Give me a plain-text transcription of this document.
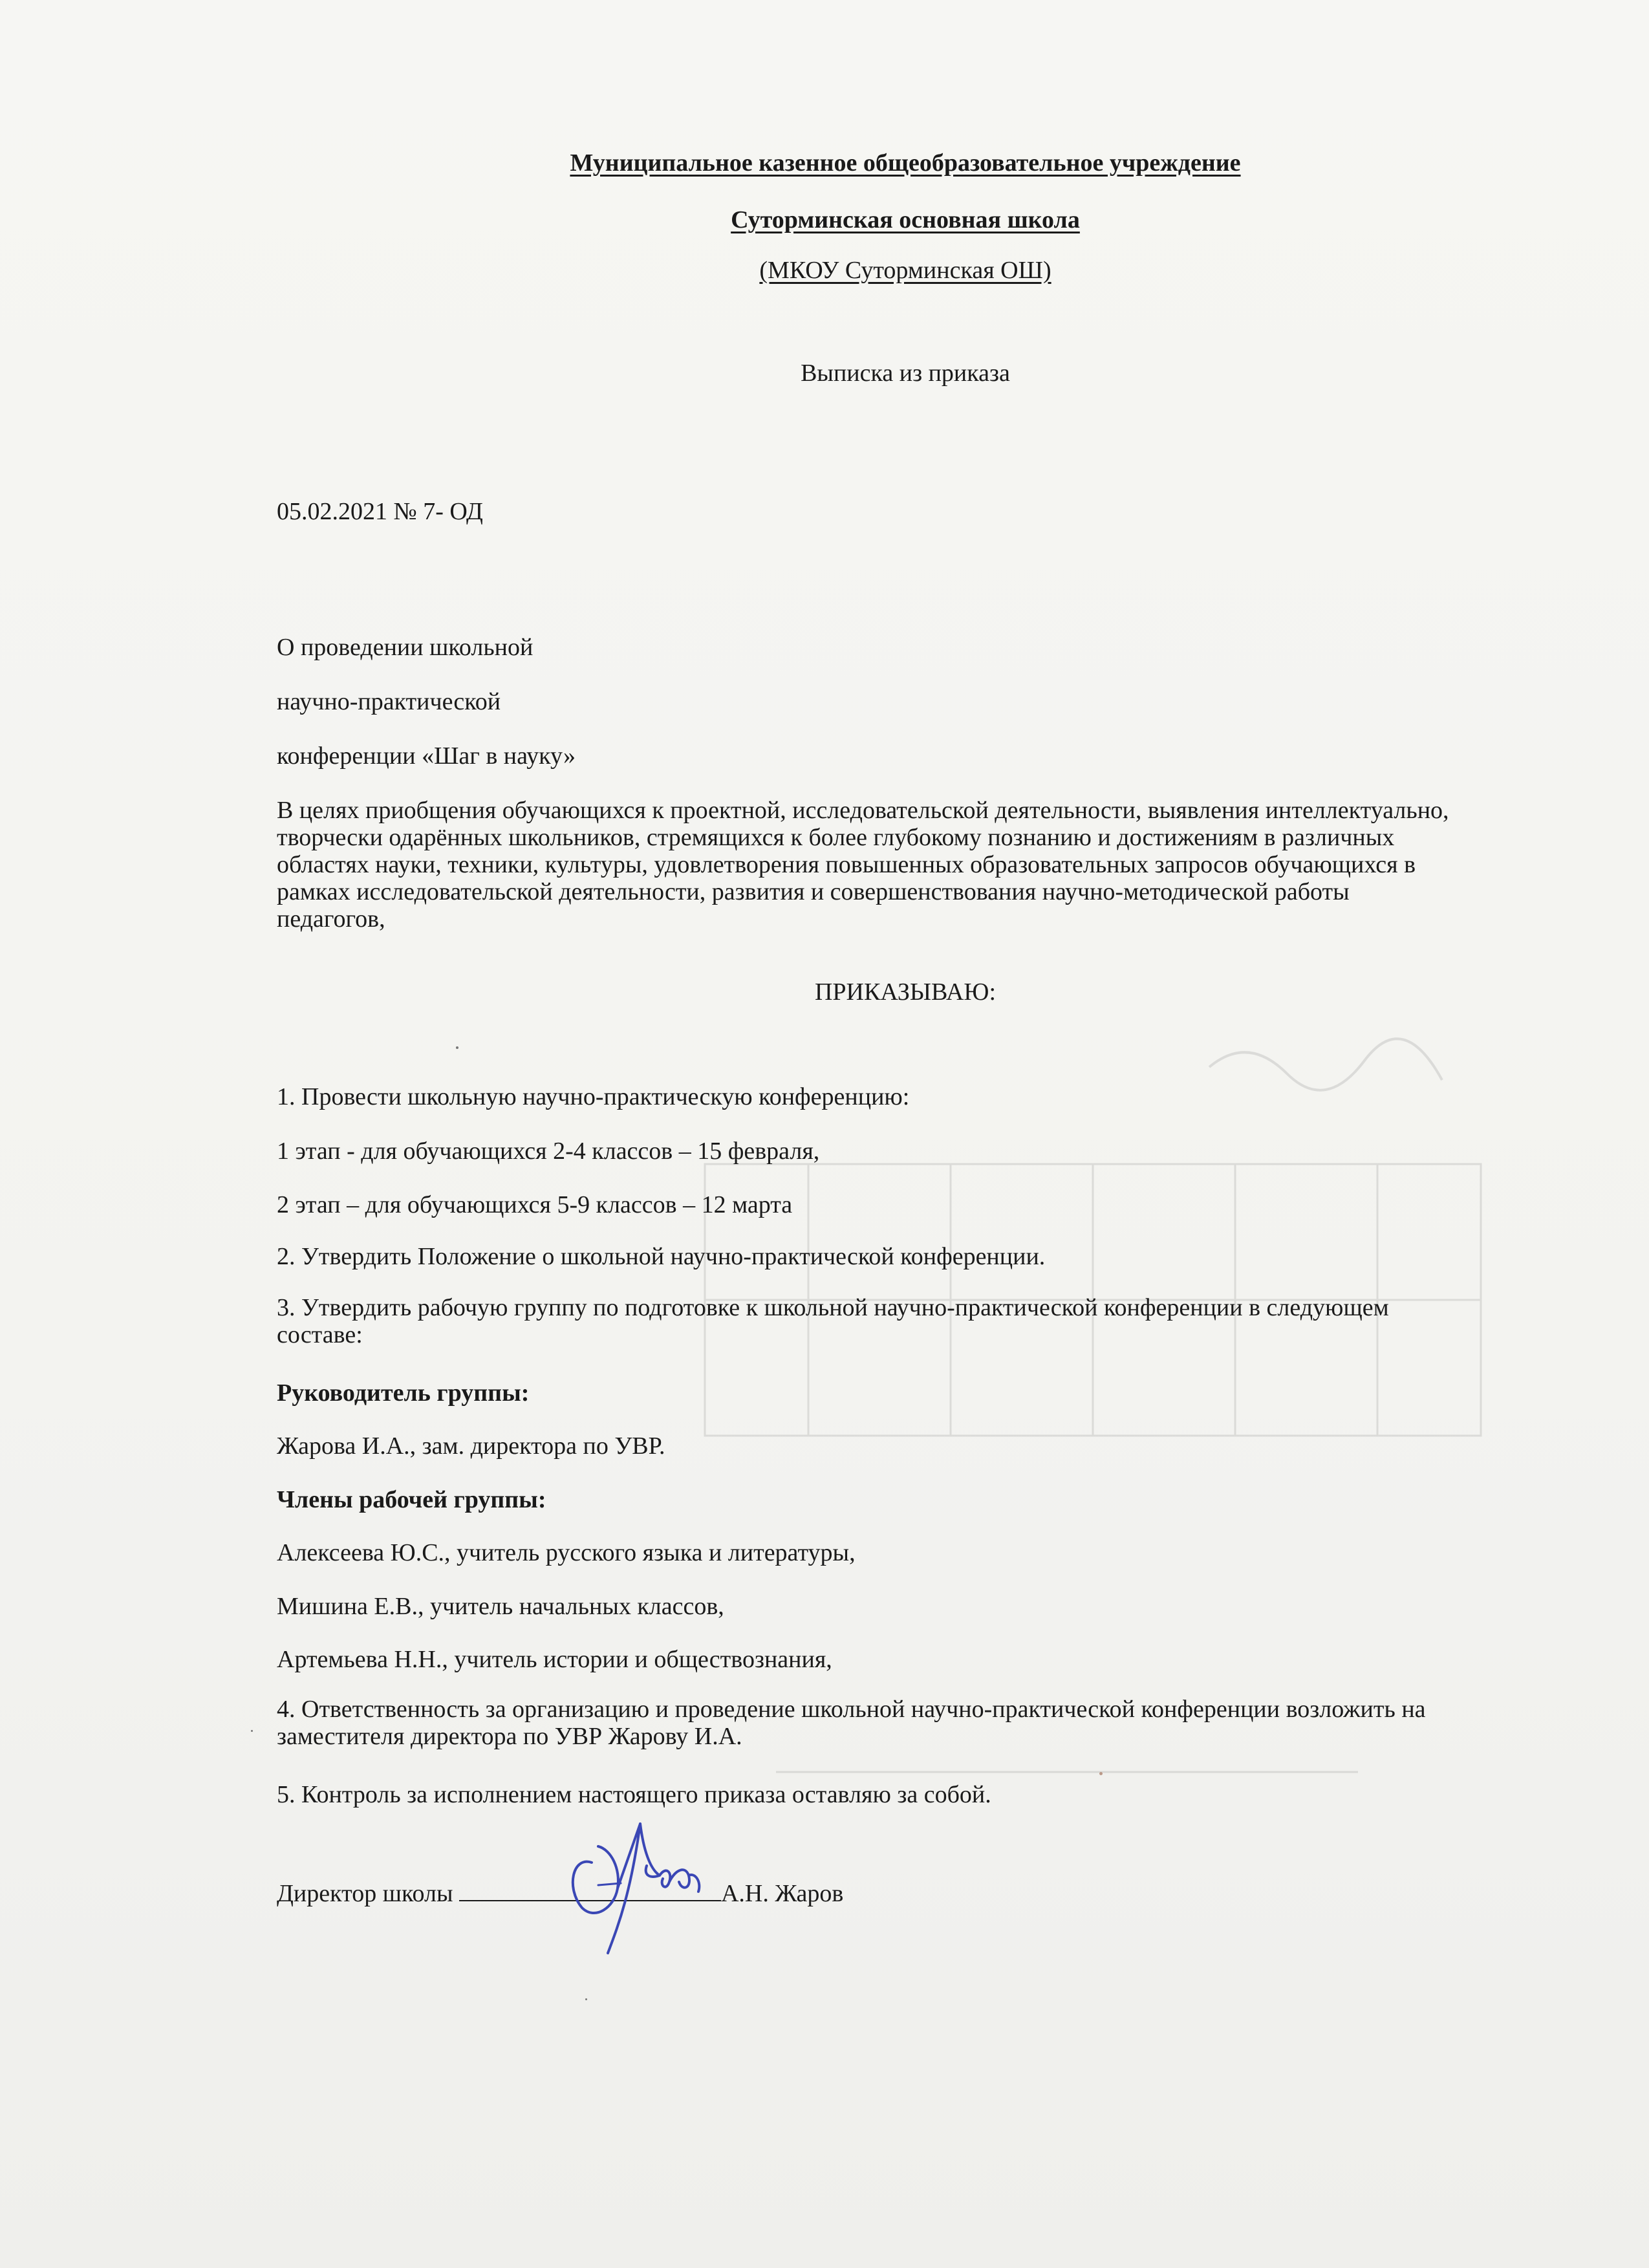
Муниципальное казенное общеобразовательное учреждение
Суторминская основная школа
(МКОУ Суторминская ОШ)
Выписка из приказа
05.02.2021 № 7- ОД
О проведении школьной
научно-практической
конференции «Шаг в науку»
В целях приобщения обучающихся к проектной, исследовательской деятельности, выявления интеллектуально, творчески одарённых школьников, стремящихся к более глубокому познанию и достижениям в различных областях науки, техники, культуры, удовлетворения повышенных образовательных запросов обучающихся в рамках исследовательской деятельности, развития и совершенствования научно-методической работы педагогов,
ПРИКАЗЫВАЮ:
1. Провести школьную научно-практическую конференцию:
1 этап - для обучающихся 2-4 классов – 15 февраля,
2 этап – для обучающихся 5-9 классов – 12 марта
2. Утвердить Положение о школьной научно-практической конференции.
3. Утвердить рабочую группу по подготовке к школьной научно-практической конференции в следующем составе:
Руководитель группы:
Жарова И.А., зам. директора по УВР.
Члены рабочей группы:
Алексеева Ю.С., учитель русского языка и литературы,
Мишина Е.В., учитель начальных классов,
Артемьева Н.Н., учитель истории и обществознания,
4. Ответственность за организацию и проведение школьной научно-практической конференции возложить на заместителя директора по УВР Жарову И.А.
5. Контроль за исполнением настоящего приказа оставляю за собой.
Директор школы	А.Н. Жаров
